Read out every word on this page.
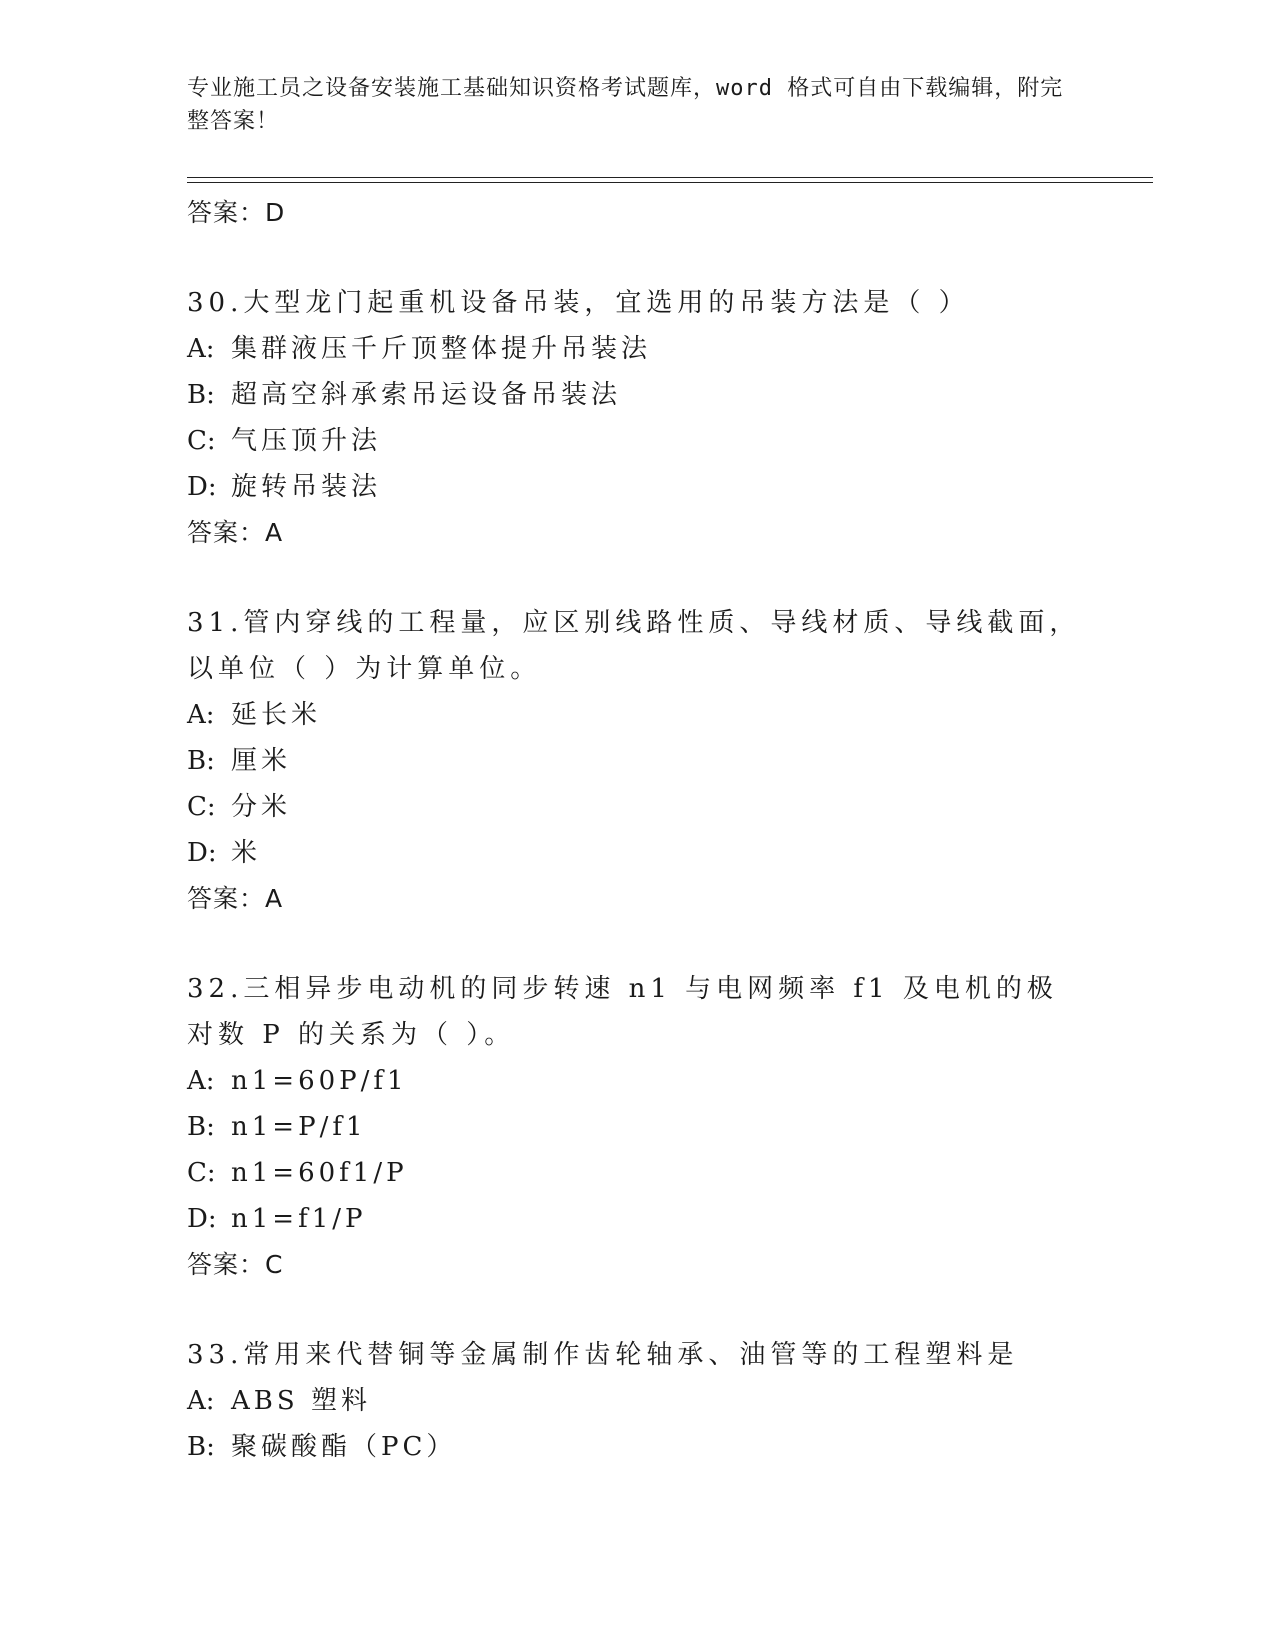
专业施工员之设备安装施工基础知识资格考试题库，word 格式可自由下载编辑，附完整答案！
答案：D
30.大型龙门起重机设备吊装，宜选用的吊装方法是（ ）
A: 集群液压千斤顶整体提升吊装法
B: 超高空斜承索吊运设备吊装法
C: 气压顶升法
D: 旋转吊装法
答案：A
31.管内穿线的工程量，应区别线路性质、导线材质、导线截面，以单位（ ）为计算单位。
A: 延长米
B: 厘米
C: 分米
D: 米
答案：A
32.三相异步电动机的同步转速 n1 与电网频率 f1 及电机的极对数 P 的关系为（ ）。
A: n1=60P/f1
B: n1=P/f1
C: n1=60f1/P
D: n1=f1/P
答案：C
33.常用来代替铜等金属制作齿轮轴承、油管等的工程塑料是
A: ABS 塑料
B: 聚碳酸酯（PC）
